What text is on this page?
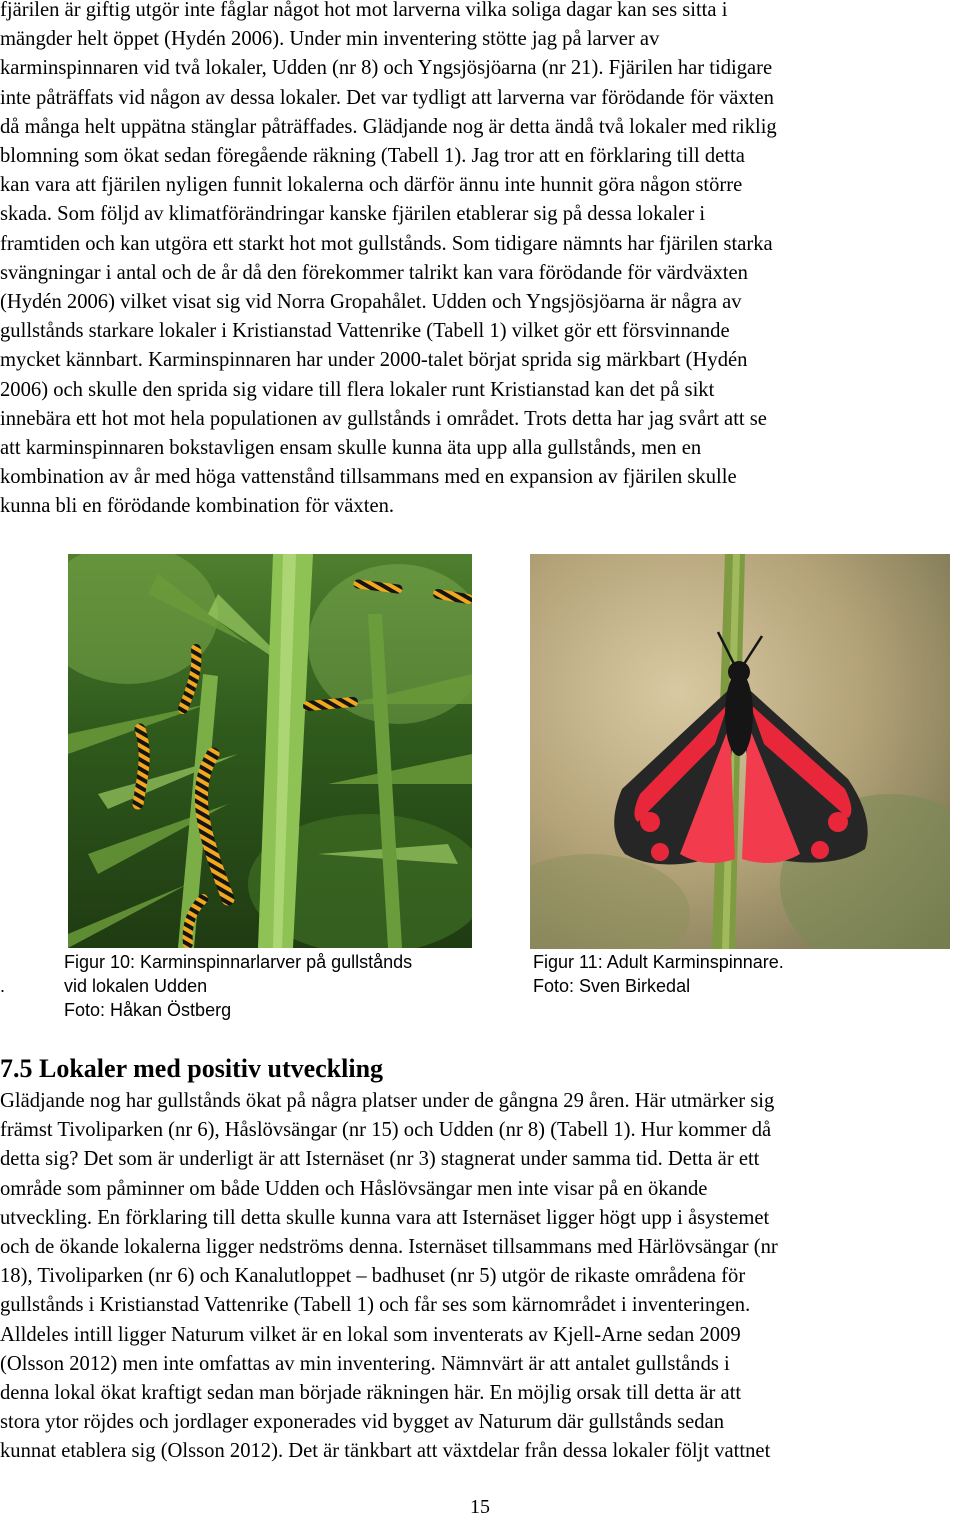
fjärilen är giftig utgör inte fåglar något hot mot larverna vilka soliga dagar kan ses sitta i
mängder helt öppet (Hydén 2006). Under min inventering stötte jag på larver av
karminspinnaren vid två lokaler, Udden (nr 8) och Yngsjösjöarna (nr 21). Fjärilen har tidigare
inte påträffats vid någon av dessa lokaler. Det var tydligt att larverna var förödande för växten
då många helt uppätna stänglar påträffades. Glädjande nog är detta ändå två lokaler med riklig
blomning som ökat sedan föregående räkning (Tabell 1). Jag tror att en förklaring till detta
kan vara att fjärilen nyligen funnit lokalerna och därför ännu inte hunnit göra någon större
skada. Som följd av klimatförändringar kanske fjärilen etablerar sig på dessa lokaler i
framtiden och kan utgöra ett starkt hot mot gullstånds. Som tidigare nämnts har fjärilen starka
svängningar i antal och de år då den förekommer talrikt kan vara förödande för värdväxten
(Hydén 2006) vilket visat sig vid Norra Gropahålet. Udden och Yngsjösjöarna är några av
gullstånds starkare lokaler i Kristianstad Vattenrike (Tabell 1) vilket gör ett försvinnande
mycket kännbart. Karminspinnaren har under 2000-talet börjat sprida sig märkbart (Hydén
2006) och skulle den sprida sig vidare till flera lokaler runt Kristianstad kan det på sikt
innebära ett hot mot hela populationen av gullstånds i området. Trots detta har jag svårt att se
att karminspinnaren bokstavligen ensam skulle kunna äta upp alla gullstånds, men en
kombination av år med höga vattenstånd tillsammans med en expansion av fjärilen skulle
kunna bli en förödande kombination för växten.
.
Figur 10: Karminspinnarlarver på gullstånds
vid lokalen Udden
Foto: Håkan Östberg
Figur 11: Adult Karminspinnare.
Foto: Sven Birkedal
7.5 Lokaler med positiv utveckling
Glädjande nog har gullstånds ökat på några platser under de gångna 29 åren. Här utmärker sig
främst Tivoliparken (nr 6), Håslövsängar (nr 15) och Udden (nr 8) (Tabell 1). Hur kommer då
detta sig? Det som är underligt är att Isternäset (nr 3) stagnerat under samma tid. Detta är ett
område som påminner om både Udden och Håslövsängar men inte visar på en ökande
utveckling. En förklaring till detta skulle kunna vara att Isternäset ligger högt upp i åsystemet
och de ökande lokalerna ligger nedströms denna. Isternäset tillsammans med Härlövsängar (nr
18), Tivoliparken (nr 6) och Kanalutloppet – badhuset (nr 5) utgör de rikaste områdena för
gullstånds i Kristianstad Vattenrike (Tabell 1) och får ses som kärnområdet i inventeringen.
Alldeles intill ligger Naturum vilket är en lokal som inventerats av Kjell-Arne sedan 2009
(Olsson 2012) men inte omfattas av min inventering. Nämnvärt är att antalet gullstånds i
denna lokal ökat kraftigt sedan man började räkningen här. En möjlig orsak till detta är att
stora ytor röjdes och jordlager exponerades vid bygget av Naturum där gullstånds sedan
kunnat etablera sig (Olsson 2012). Det är tänkbart att växtdelar från dessa lokaler följt vattnet
15
